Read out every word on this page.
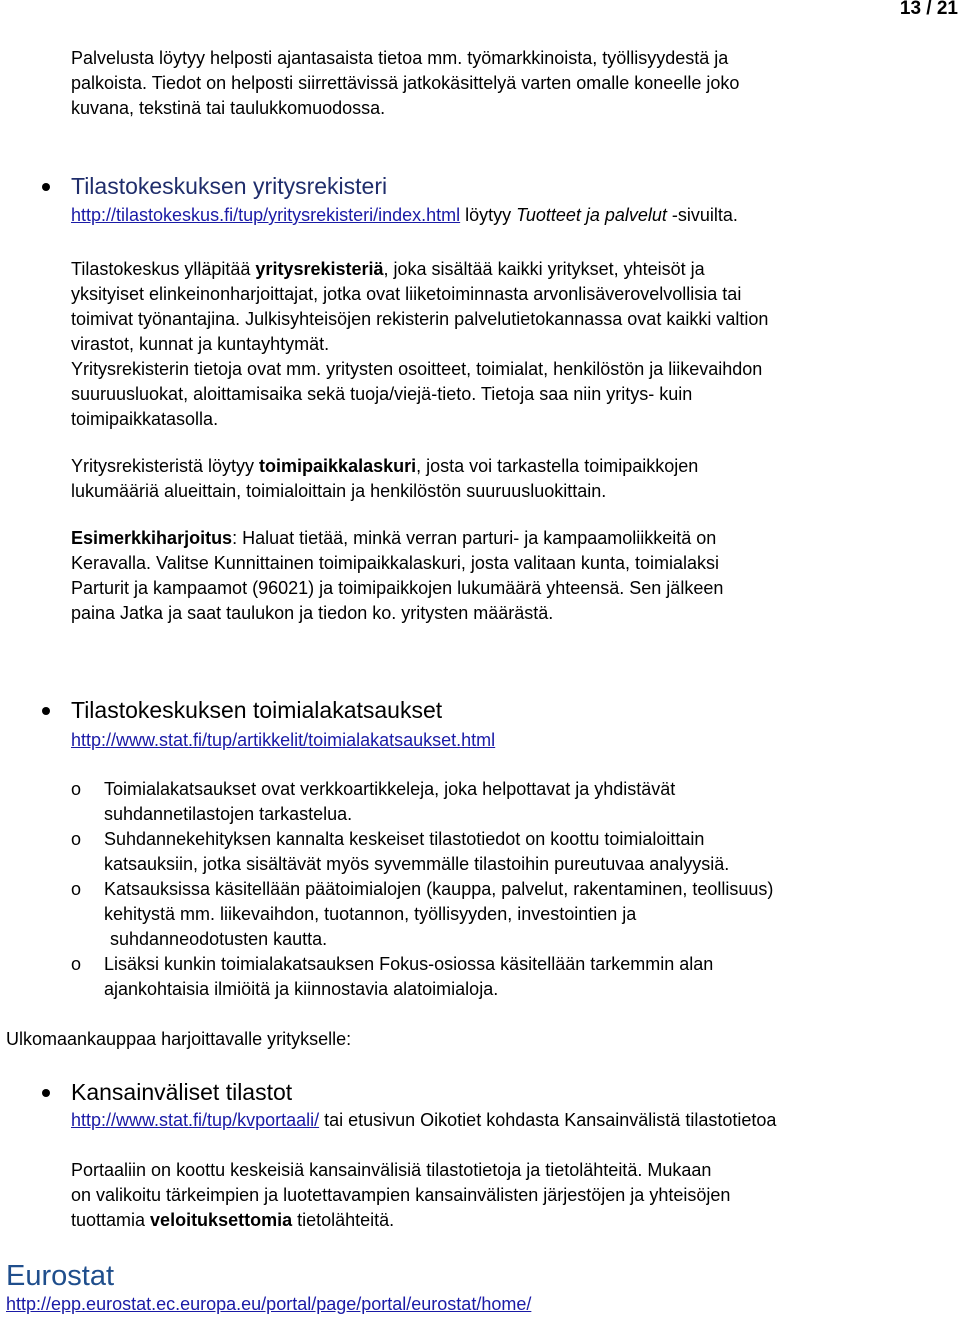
13 / 21
Palvelusta löytyy helposti ajantasaista tietoa mm. työmarkkinoista, työllisyydestä ja
palkoista. Tiedot on helposti siirrettävissä jatkokäsittelyä varten omalle koneelle joko
kuvana, tekstinä tai taulukkomuodossa.
Tilastokeskuksen yritysrekisteri
http://tilastokeskus.fi/tup/yritysrekisteri/index.html löytyy Tuotteet ja palvelut -sivuilta.
Tilastokeskus ylläpitää yritysrekisteriä, joka sisältää kaikki yritykset, yhteisöt ja
yksityiset elinkeinonharjoittajat, jotka ovat liiketoiminnasta arvonlisäverovelvollisia tai
toimivat työnantajina. Julkisyhteisöjen rekisterin palvelutietokannassa ovat kaikki valtion
virastot, kunnat ja kuntayhtymät.
Yritysrekisterin tietoja ovat mm. yritysten osoitteet, toimialat, henkilöstön ja liikevaihdon
suuruusluokat, aloittamisaika sekä tuoja/viejä-tieto. Tietoja saa niin yritys- kuin
toimipaikkatasolla.
Yritysrekisteristä löytyy toimipaikkalaskuri, josta voi tarkastella toimipaikkojen
lukumääriä alueittain, toimialoittain ja henkilöstön suuruusluokittain.
Esimerkkiharjoitus: Haluat tietää, minkä verran parturi- ja kampaamoliikkeitä on
Keravalla. Valitse Kunnittainen toimipaikkalaskuri, josta valitaan kunta, toimialaksi
Parturit ja kampaamot (96021) ja toimipaikkojen lukumäärä yhteensä. Sen jälkeen
paina Jatka ja saat taulukon ja tiedon ko. yritysten määrästä.
Tilastokeskuksen toimialakatsaukset
http://www.stat.fi/tup/artikkelit/toimialakatsaukset.html
o Toimialakatsaukset ovat verkkoartikkeleja, joka helpottavat ja yhdistävät
suhdannetilastojen tarkastelua.
o Suhdannekehityksen kannalta keskeiset tilastotiedot on koottu toimialoittain
katsauksiin, jotka sisältävät myös syvemmälle tilastoihin pureutuvaa analyysiä.
o Katsauksissa käsitellään päätoimialojen (kauppa, palvelut, rakentaminen, teollisuus)
kehitystä mm. liikevaihdon, tuotannon, työllisyyden, investointien ja
suhdanneodotusten kautta.
o Lisäksi kunkin toimialakatsauksen Fokus-osiossa käsitellään tarkemmin alan
ajankohtaisia ilmiöitä ja kiinnostavia alatoimialoja.
Ulkomaankauppaa harjoittavalle yritykselle:
Kansainväliset tilastot
http://www.stat.fi/tup/kvportaali/ tai etusivun Oikotiet kohdasta Kansainvälistä tilastotietoa
Portaaliin on koottu keskeisiä kansainvälisiä tilastotietoja ja tietolähteitä. Mukaan
on valikoitu tärkeimpien ja luotettavampien kansainvälisten järjestöjen ja yhteisöjen
tuottamia veloituksettomia tietolähteitä.
Eurostat
http://epp.eurostat.ec.europa.eu/portal/page/portal/eurostat/home/
